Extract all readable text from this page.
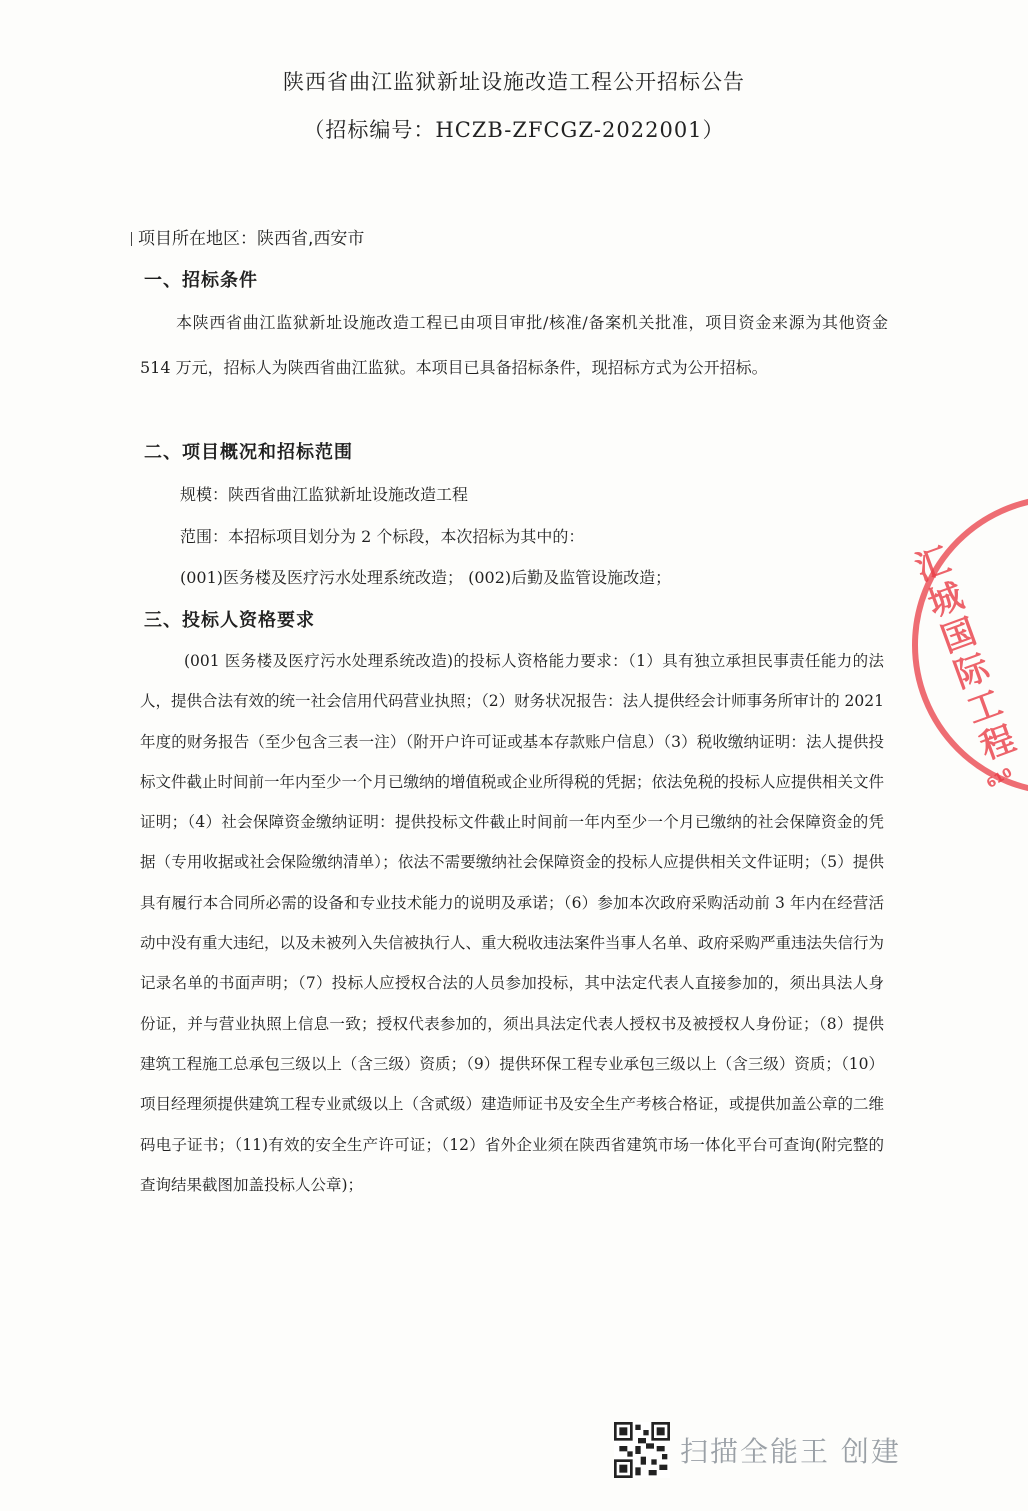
陕西省曲江监狱新址设施改造工程公开招标公告
（招标编号：HCZB-ZFCGZ-2022001）
项目所在地区：陕西省,西安市
一、招标条件
本陕西省曲江监狱新址设施改造工程已由项目审批/核准/备案机关批准，项目资金来源为其他资金 514 万元，招标人为陕西省曲江监狱。本项目已具备招标条件，现招标方式为公开招标。
二、项目概况和招标范围
规模：陕西省曲江监狱新址设施改造工程
范围：本招标项目划分为 2 个标段，本次招标为其中的：
(001)医务楼及医疗污水处理系统改造； (002)后勤及监管设施改造；
三、投标人资格要求
(001 医务楼及医疗污水处理系统改造)的投标人资格能力要求：（1）具有独立承担民事责任能力的法人，提供合法有效的统一社会信用代码营业执照；（2）财务状况报告：法人提供经会计师事务所审计的 2021 年度的财务报告（至少包含三表一注）（附开户许可证或基本存款账户信息）（3）税收缴纳证明：法人提供投标文件截止时间前一年内至少一个月已缴纳的增值税或企业所得税的凭据；依法免税的投标人应提供相关文件证明；（4）社会保障资金缴纳证明：提供投标文件截止时间前一年内至少一个月已缴纳的社会保障资金的凭据（专用收据或社会保险缴纳清单）；依法不需要缴纳社会保障资金的投标人应提供相关文件证明；（5）提供具有履行本合同所必需的设备和专业技术能力的说明及承诺；（6）参加本次政府采购活动前 3 年内在经营活动中没有重大违纪，以及未被列入失信被执行人、重大税收违法案件当事人名单、政府采购严重违法失信行为记录名单的书面声明；（7）投标人应授权合法的人员参加投标，其中法定代表人直接参加的，须出具法人身份证，并与营业执照上信息一致；授权代表参加的，须出具法定代表人授权书及被授权人身份证；（8）提供建筑工程施工总承包三级以上（含三级）资质；（9）提供环保工程专业承包三级以上（含三级）资质；（10）项目经理须提供建筑工程专业贰级以上（含贰级）建造师证书及安全生产考核合格证，或提供加盖公章的二维码电子证书；（11)有效的安全生产许可证；（12）省外企业须在陕西省建筑市场一体化平台可查询(附完整的查询结果截图加盖投标人公章)；
汇城国际工程
610
扫描全能王 创建
